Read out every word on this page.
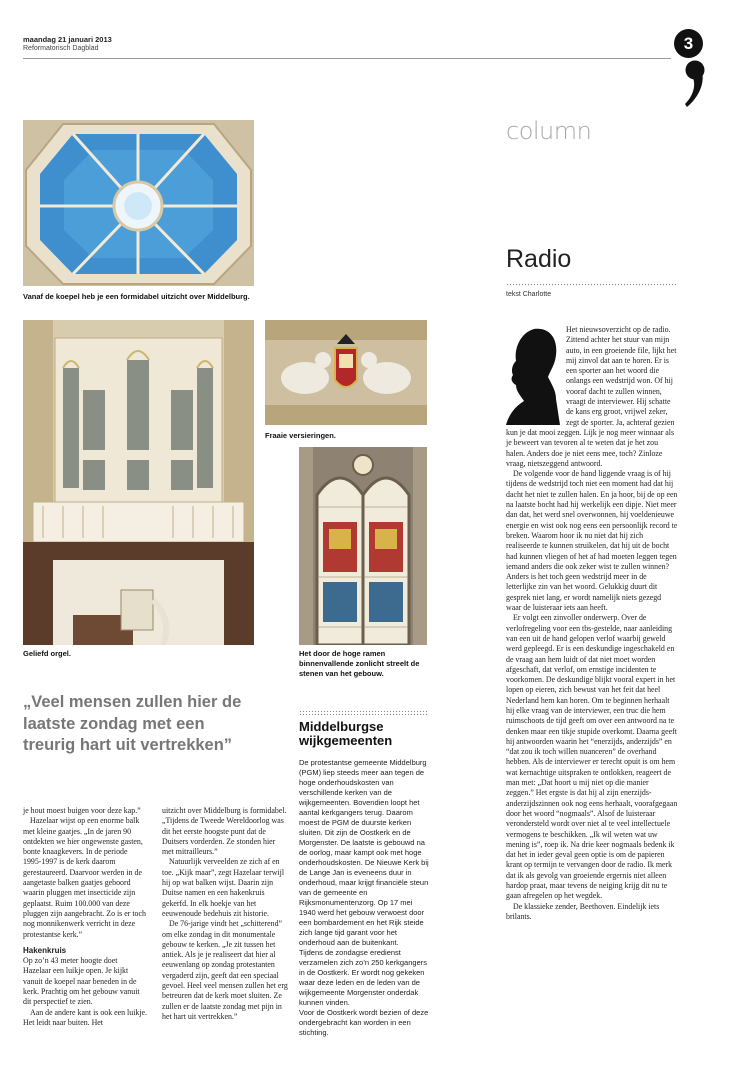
maandag 21 januari 2013
Reformatorisch Dagblad	3
Vanaf de koepel heb je een formidabel uitzicht over Middelburg.
Geliefd orgel.
Fraaie versieringen.
Het door de hoge ramen binnenvallende zonlicht streelt de stenen van het gebouw.
„Veel mensen zullen hier de laatste zondag met een treurig hart uit vertrekken”

je hout moest buigen voor deze kap.”

Hazelaar wijst op een enorme balk met kleine gaatjes. „In de jaren 90 ontdekten we hier ongewenste gasten, bonte knaagkevers. In de periode 1995-1997 is de kerk daarom gerestaureerd. Daarvoor werden in de aangetaste balken gaatjes geboord waarin pluggen met insecticide zijn geplaatst. Ruim 100.000 van deze pluggen zijn aangebracht. Zo is er toch nog monnikenwerk verricht in deze protestantse kerk.”

Hakenkruis

Op zo’n 43 meter hoogte doet Hazelaar een luikje open. Je kijkt vanuit de koepel naar beneden in de kerk. Prachtig om het gebouw vanuit dit perspectief te zien.

Aan de andere kant is ook een luikje. Het leidt naar buiten. Het

uitzicht over Middelburg is formidabel. „Tijdens de Tweede Wereldoorlog was dit het eerste hoogste punt dat de Duitsers vorderden. Ze stonden hier met mitrailleurs.”

Natuurlijk verveelden ze zich af en toe. „Kijk maar”, zegt Hazelaar terwijl hij op wat balken wijst. Daarin zijn Duitse namen en een hakenkruis gekerfd. In elk hoekje van het eeuwenoude bedehuis zit historie.

De 76-jarige vindt het „schitterend” om elke zondag in dit monumentale gebouw te kerken. „Je zit tussen het antiek. Als je je realiseert dat hier al eeuwenlang op zondag protestanten vergaderd zijn, geeft dat een speciaal gevoel. Heel veel mensen zullen het erg betreuren dat de kerk moet sluiten. Ze zullen er de laatste zondag met pijn in het hart uit vertrekken.”

Middelburgse wijkgemeenten

De protestantse gemeente Middelburg (PGM) liep steeds meer aan tegen de hoge onderhoudskosten van verschillende kerken van de wijkgemeenten. Bovendien loopt het aantal kerkgangers terug. Daarom moest de PGM de duurste kerken sluiten. Dit zijn de Oostkerk en de Morgenster. De laatste is gebouwd na de oorlog, maar kampt ook met hoge onderhoudskosten. De Nieuwe Kerk bij de Lange Jan is eveneens duur in onderhoud, maar krijgt financiële steun van de gemeente en Rijksmonumentenzorg. Op 17 mei 1940 werd het gebouw verwoest door een bombardement en het Rijk steide zich lange tijd garant voor het onderhoud aan de buitenkant.

Tijdens de zondagse eredienst verzamelen zich zo’n 250 kerkgangers in de Oostkerk. Er wordt nog gekeken waar deze leden en de leden van de wijkgemeente Morgenster onderdak kunnen vinden.

Voor de Oostkerk wordt bezien of deze ondergebracht kan worden in een stichting.

column
Radio
tekst Charlotte

Het nieuwsoverzicht op de radio. Zittend achter het stuur van mijn auto, in een groeiende file, lijkt het mij zinvol dat aan te horen. Er is een sporter aan het woord die onlangs een wedstrijd won. Of hij vooraf dacht te zullen winnen, vraagt de interviewer. Hij schatte de kans erg groot, vrijwel zeker, zegt de sporter. Ja, achteraf gezien kun je dat mooi zeggen. Lijk je nog meer winnaar als je beweert van tevoren al te weten dat je het zou halen. Anders doe je niet eens mee, toch? Zinloze vraag, nietszeggend antwoord.

De volgende voor de hand liggende vraag is of hij tijdens de wedstrijd toch niet een moment had dat hij dacht het niet te zullen halen. En ja hoor, bij de op een na laatste bocht had hij werkelijk een dipje. Niet meer dan dat, het werd snel overwonnen, hij voeldenieuwe energie en wist ook nog eens een persoonlijk record te breken. Waarom hoor ik nu niet dat hij zich realiseerde te kunnen struikelen, dat hij uit de bocht had kunnen vliegen of het af had moeten leggen tegen iemand anders die ook zeker wist te zullen winnen? Anders is het toch geen wedstrijd meer in de letterlijke zin van het woord. Gelukkig duurt dit gesprek niet lang, er wordt namelijk niets gezegd waar de luisteraar iets aan heeft.

Er volgt een zinvoller onderwerp. Over de verlofregeling voor een tbs-gestelde, naar aanleiding van een uit de hand gelopen verlof waarbij geweld werd gepleegd. Er is een deskundige ingeschakeld en de vraag aan hem luidt of dat niet moet worden afgeschaft, dat verlof, om ernstige incidenten te voorkomen. De deskundige blijkt vooral expert in het lopen op eieren, zich bewust van het feit dat heel Nederland hem kan horen. Om te beginnen herhaalt hij elke vraag van de interviewer, een truc die hem ruimschoots de tijd geeft om over een antwoord na te denken maar een tikje stupide overkomt. Daarna geeft hij antwoorden waarin het “enerzijds, anderzijds” en “dat zou ik toch willen nuanceren” de overhand hebben. Als de interviewer er terecht opuit is om hem wat kernachtige uitspraken te ontlokken, reageert de man met: „Dat hoort u mij niet op die manier zeggen.” Het ergste is dat hij al zijn enerzijds-anderzijdszinnen ook nog eens herhaalt, voorafgegaan door het woord “nogmaals”. Alsof de luisteraar verondersteld wordt over niet al te veel intellectuele vermogens te beschikken. „Ik wil weten wat uw mening is”, roep ik. Na drie keer nogmaals bedenk ik dat het in ieder geval geen optie is om de papieren krant op termijn te vervangen door de radio. Ik merk dat ik als gevolg van groeiende ergernis niet alleen hardop praat, maar tevens de neiging krijg dit nu te gaan afregelen op het wegdek.

De klassieke zender, Beethoven. Eindelijk iets brilants.
